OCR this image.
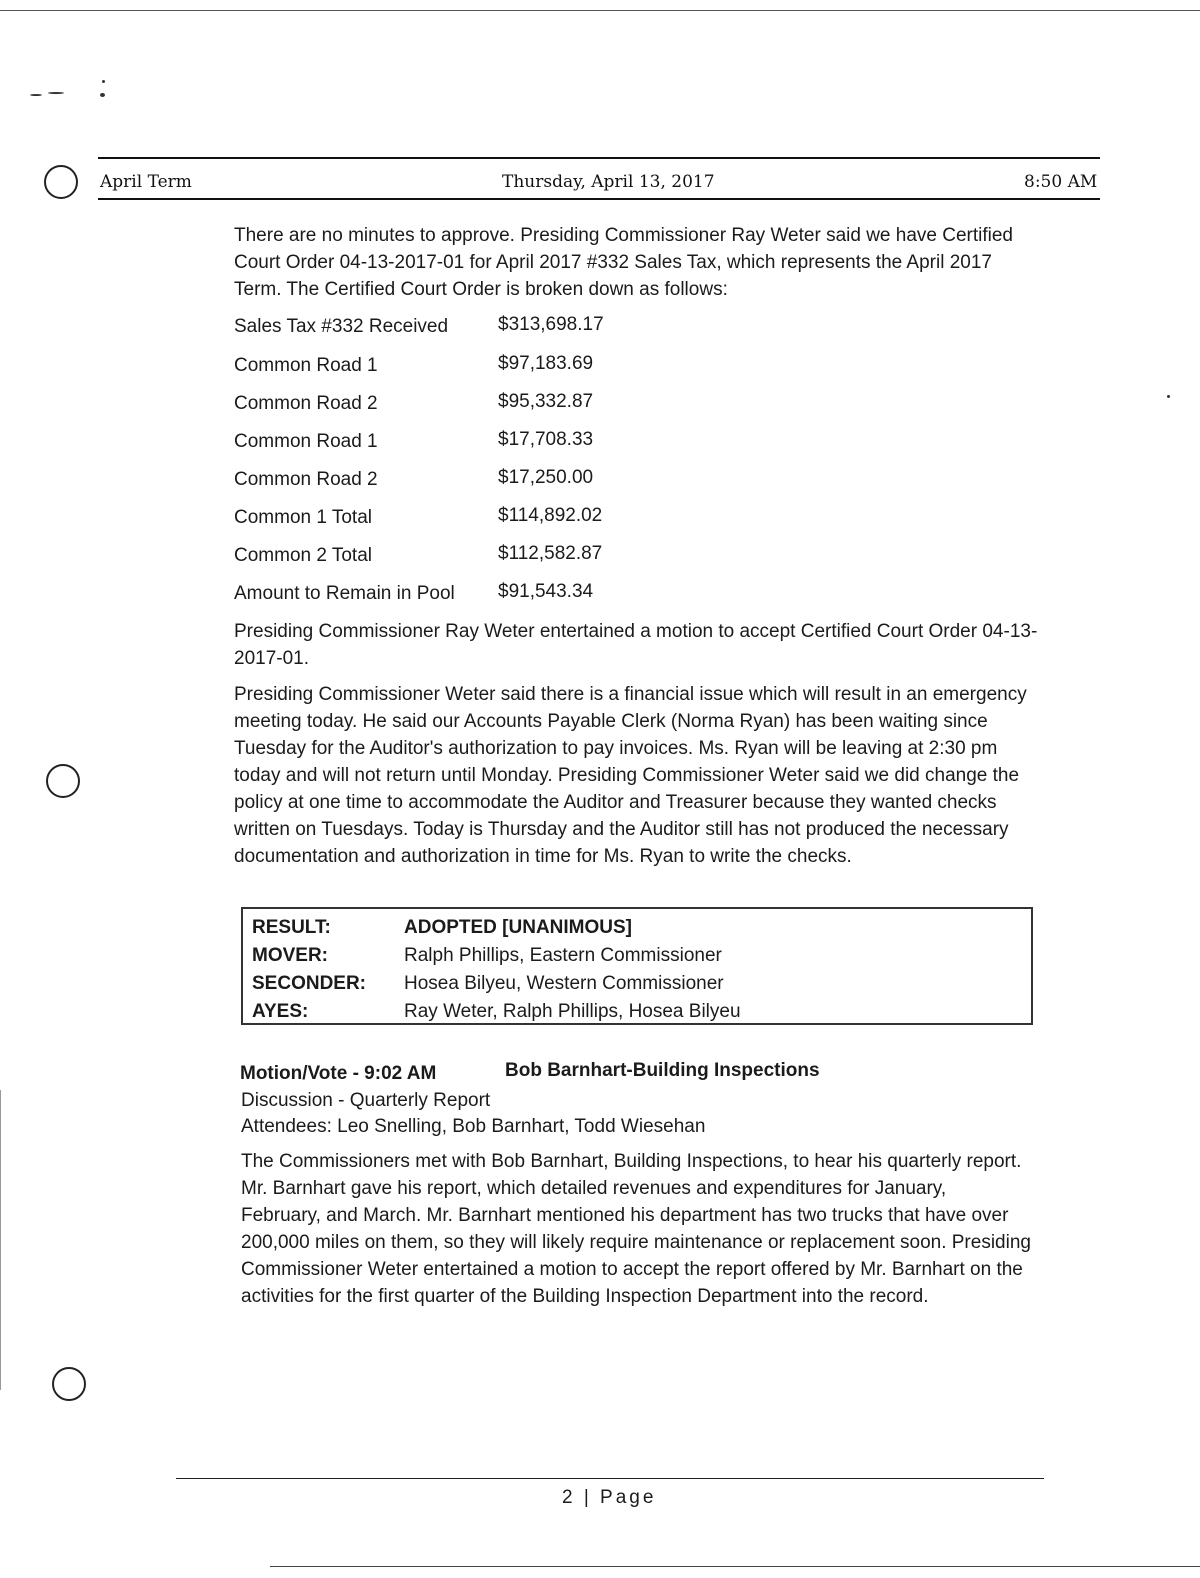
April Term	Thursday, April 13, 2017	8:50 AM
There are no minutes to approve. Presiding Commissioner Ray Weter said we have Certified Court Order 04-13-2017-01 for April 2017 #332 Sales Tax, which represents the April 2017 Term. The Certified Court Order is broken down as follows:
Sales Tax #332 Received	$313,698.17
Common Road 1	$97,183.69
Common Road 2	$95,332.87
Common Road 1	$17,708.33
Common Road 2	$17,250.00
Common 1 Total	$114,892.02
Common 2 Total	$112,582.87
Amount to Remain in Pool $91,543.34
Presiding Commissioner Ray Weter entertained a motion to accept Certified Court Order 04-13-2017-01.
Presiding Commissioner Weter said there is a financial issue which will result in an emergency meeting today. He said our Accounts Payable Clerk (Norma Ryan) has been waiting since Tuesday for the Auditor's authorization to pay invoices. Ms. Ryan will be leaving at 2:30 pm today and will not return until Monday. Presiding Commissioner Weter said we did change the policy at one time to accommodate the Auditor and Treasurer because they wanted checks written on Tuesdays. Today is Thursday and the Auditor still has not produced the necessary documentation and authorization in time for Ms. Ryan to write the checks.
RESULT:	ADOPTED [UNANIMOUS]
MOVER:	Ralph Phillips, Eastern Commissioner
SECONDER: Hosea Bilyeu, Western Commissioner
AYES:	Ray Weter, Ralph Phillips, Hosea Bilyeu
Motion/Vote - 9:02 AM	Bob Barnhart-Building Inspections
Discussion - Quarterly Report
Attendees: Leo Snelling, Bob Barnhart, Todd Wiesehan
The Commissioners met with Bob Barnhart, Building Inspections, to hear his quarterly report. Mr. Barnhart gave his report, which detailed revenues and expenditures for January, February, and March. Mr. Barnhart mentioned his department has two trucks that have over 200,000 miles on them, so they will likely require maintenance or replacement soon. Presiding Commissioner Weter entertained a motion to accept the report offered by Mr. Barnhart on the activities for the first quarter of the Building Inspection Department into the record.
2 | Page
